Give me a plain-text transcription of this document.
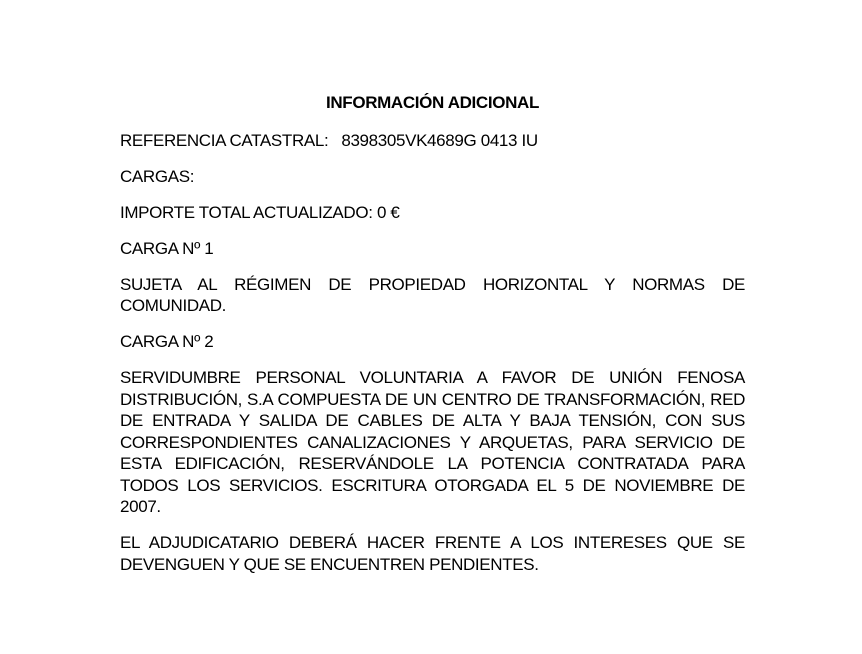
INFORMACIÓN ADICIONAL

REFERENCIA CATASTRAL: 8398305VK4689G 0413 IU

CARGAS:

IMPORTE TOTAL ACTUALIZADO: 0 €

CARGA Nº 1

SUJETA AL RÉGIMEN DE PROPIEDAD HORIZONTAL Y NORMAS DE COMUNIDAD.

CARGA Nº 2

SERVIDUMBRE PERSONAL VOLUNTARIA A FAVOR DE UNIÓN FENOSA DISTRIBUCIÓN, S.A COMPUESTA DE UN CENTRO DE TRANSFORMACIÓN, RED DE ENTRADA Y SALIDA DE CABLES DE ALTA Y BAJA TENSIÓN, CON SUS CORRESPONDIENTES CANALIZACIONES Y ARQUETAS, PARA SERVICIO DE ESTA EDIFICACIÓN, RESERVÁNDOLE LA POTENCIA CONTRATADA PARA TODOS LOS SERVICIOS. ESCRITURA OTORGADA EL 5 DE NOVIEMBRE DE 2007.

EL ADJUDICATARIO DEBERÁ HACER FRENTE A LOS INTERESES QUE SE DEVENGUEN Y QUE SE ENCUENTREN PENDIENTES.
